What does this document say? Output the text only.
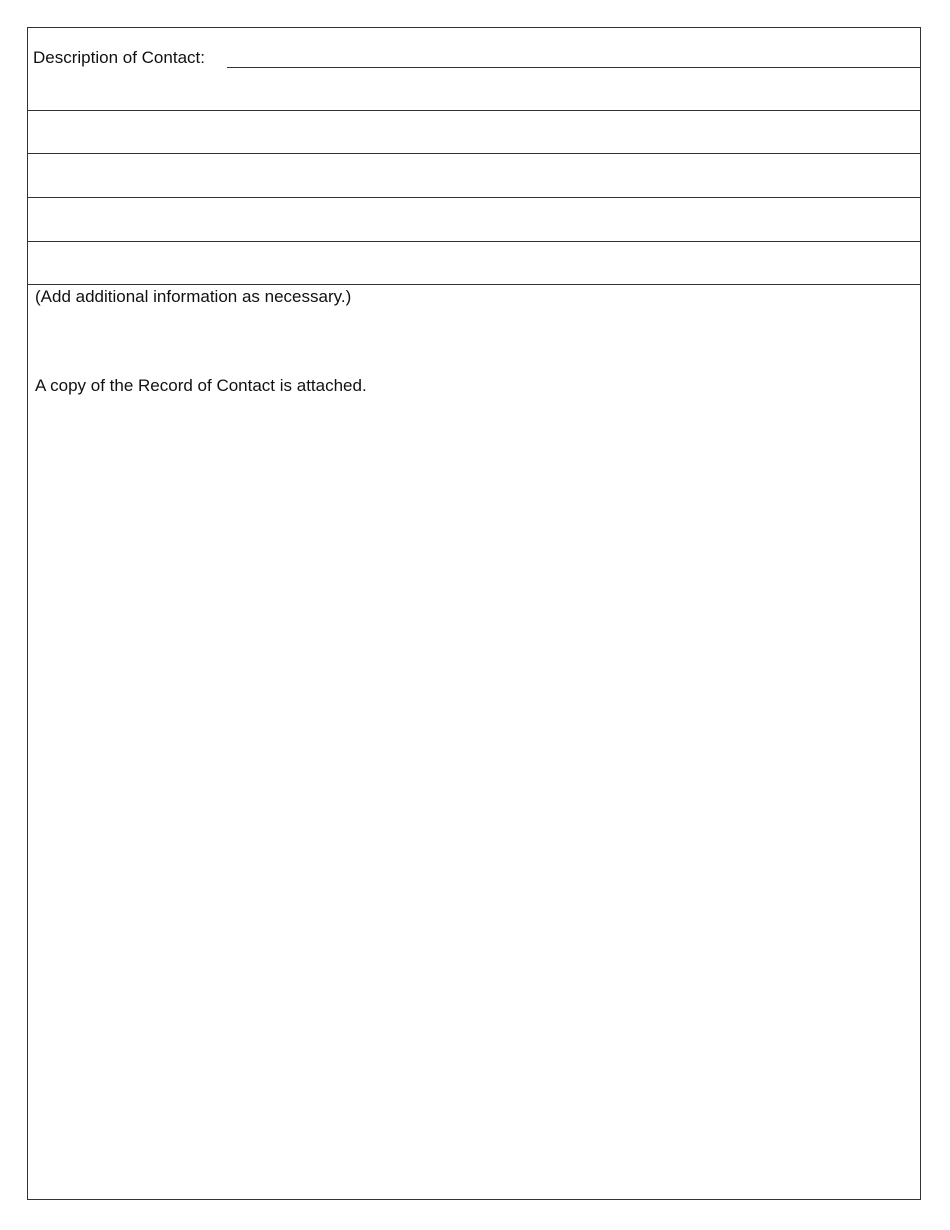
Description of Contact:
(Add additional information as necessary.)
A copy of the Record of Contact is attached.
